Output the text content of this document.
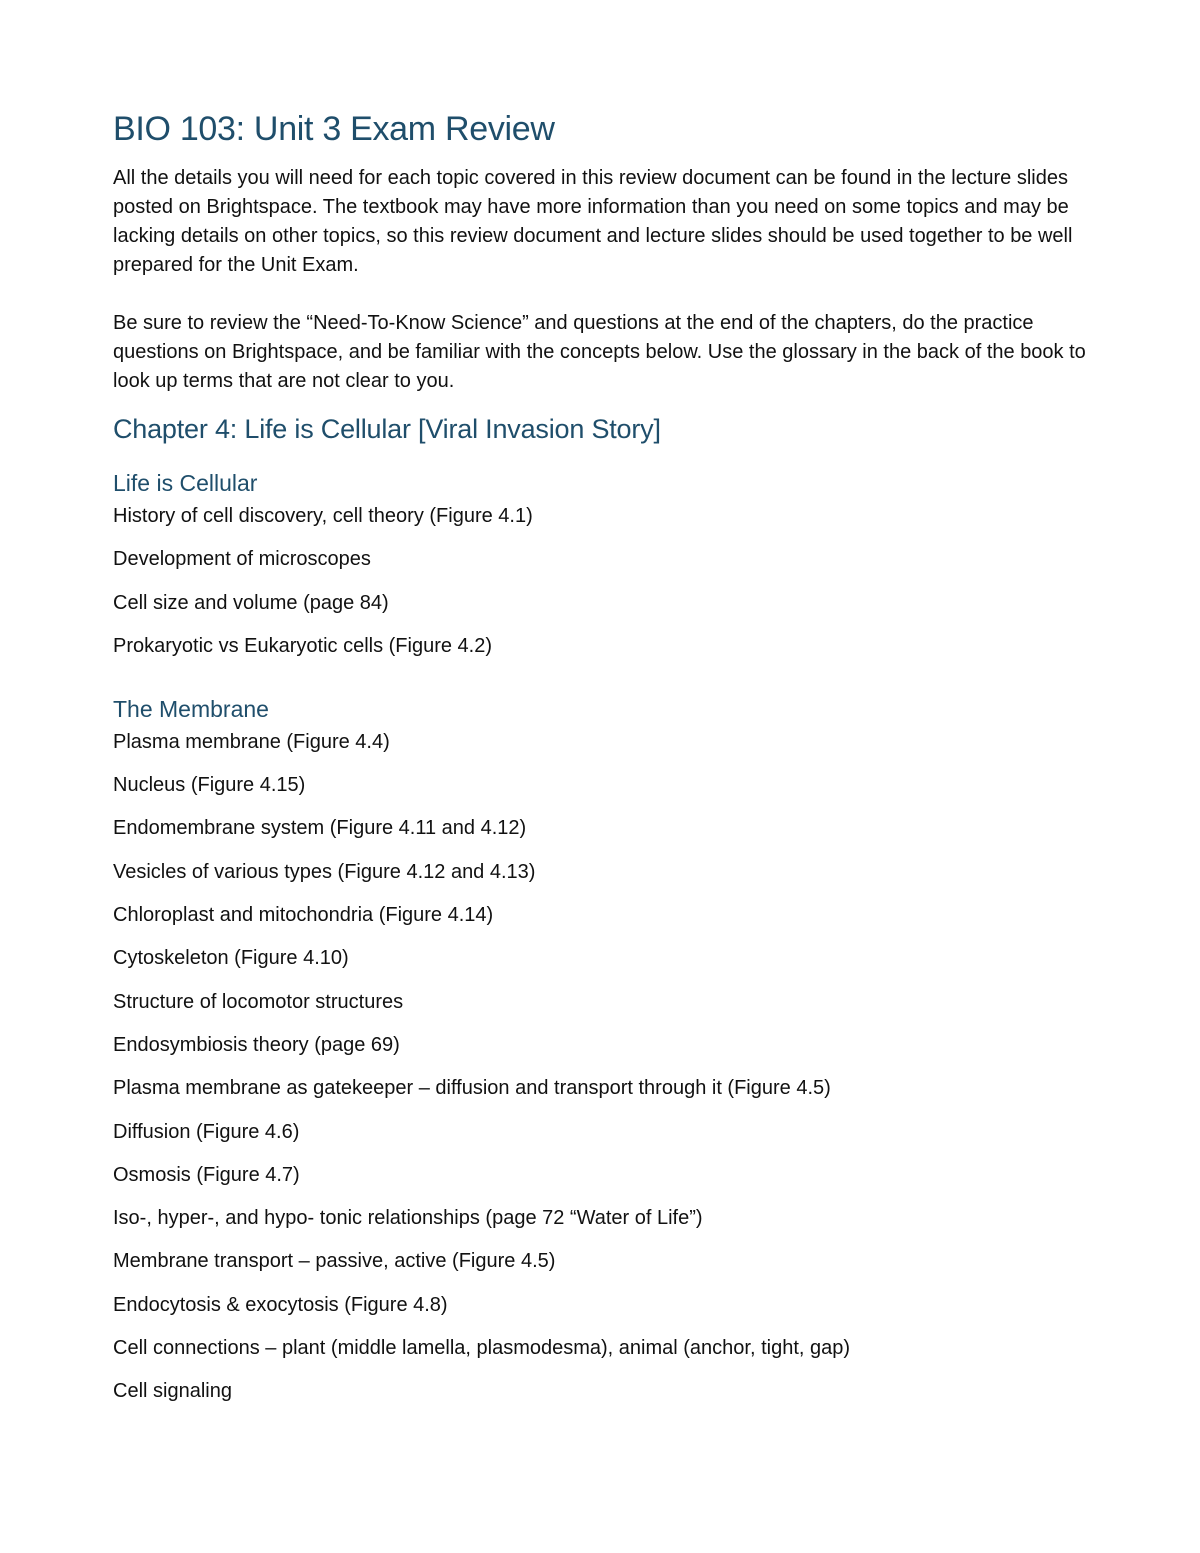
BIO 103: Unit 3 Exam Review

All the details you will need for each topic covered in this review document can be found in the lecture slides posted on Brightspace. The textbook may have more information than you need on some topics and may be lacking details on other topics, so this review document and lecture slides should be used together to be well prepared for the Unit Exam.

Be sure to review the “Need-To-Know Science” and questions at the end of the chapters, do the practice questions on Brightspace, and be familiar with the concepts below. Use the glossary in the back of the book to look up terms that are not clear to you.

Chapter 4: Life is Cellular [Viral Invasion Story]
Life is Cellular

History of cell discovery, cell theory (Figure 4.1)

Development of microscopes

Cell size and volume (page 84)

Prokaryotic vs Eukaryotic cells (Figure 4.2)

The Membrane

Plasma membrane (Figure 4.4)

Nucleus (Figure 4.15)

Endomembrane system (Figure 4.11 and 4.12)

Vesicles of various types (Figure 4.12 and 4.13)

Chloroplast and mitochondria (Figure 4.14)

Cytoskeleton (Figure 4.10)

Structure of locomotor structures

Endosymbiosis theory (page 69)

Plasma membrane as gatekeeper – diffusion and transport through it (Figure 4.5)

Diffusion (Figure 4.6)

Osmosis (Figure 4.7)

Iso-, hyper-, and hypo- tonic relationships (page 72 “Water of Life”)

Membrane transport – passive, active (Figure 4.5)

Endocytosis & exocytosis (Figure 4.8)

Cell connections – plant (middle lamella, plasmodesma), animal (anchor, tight, gap)

Cell signaling
